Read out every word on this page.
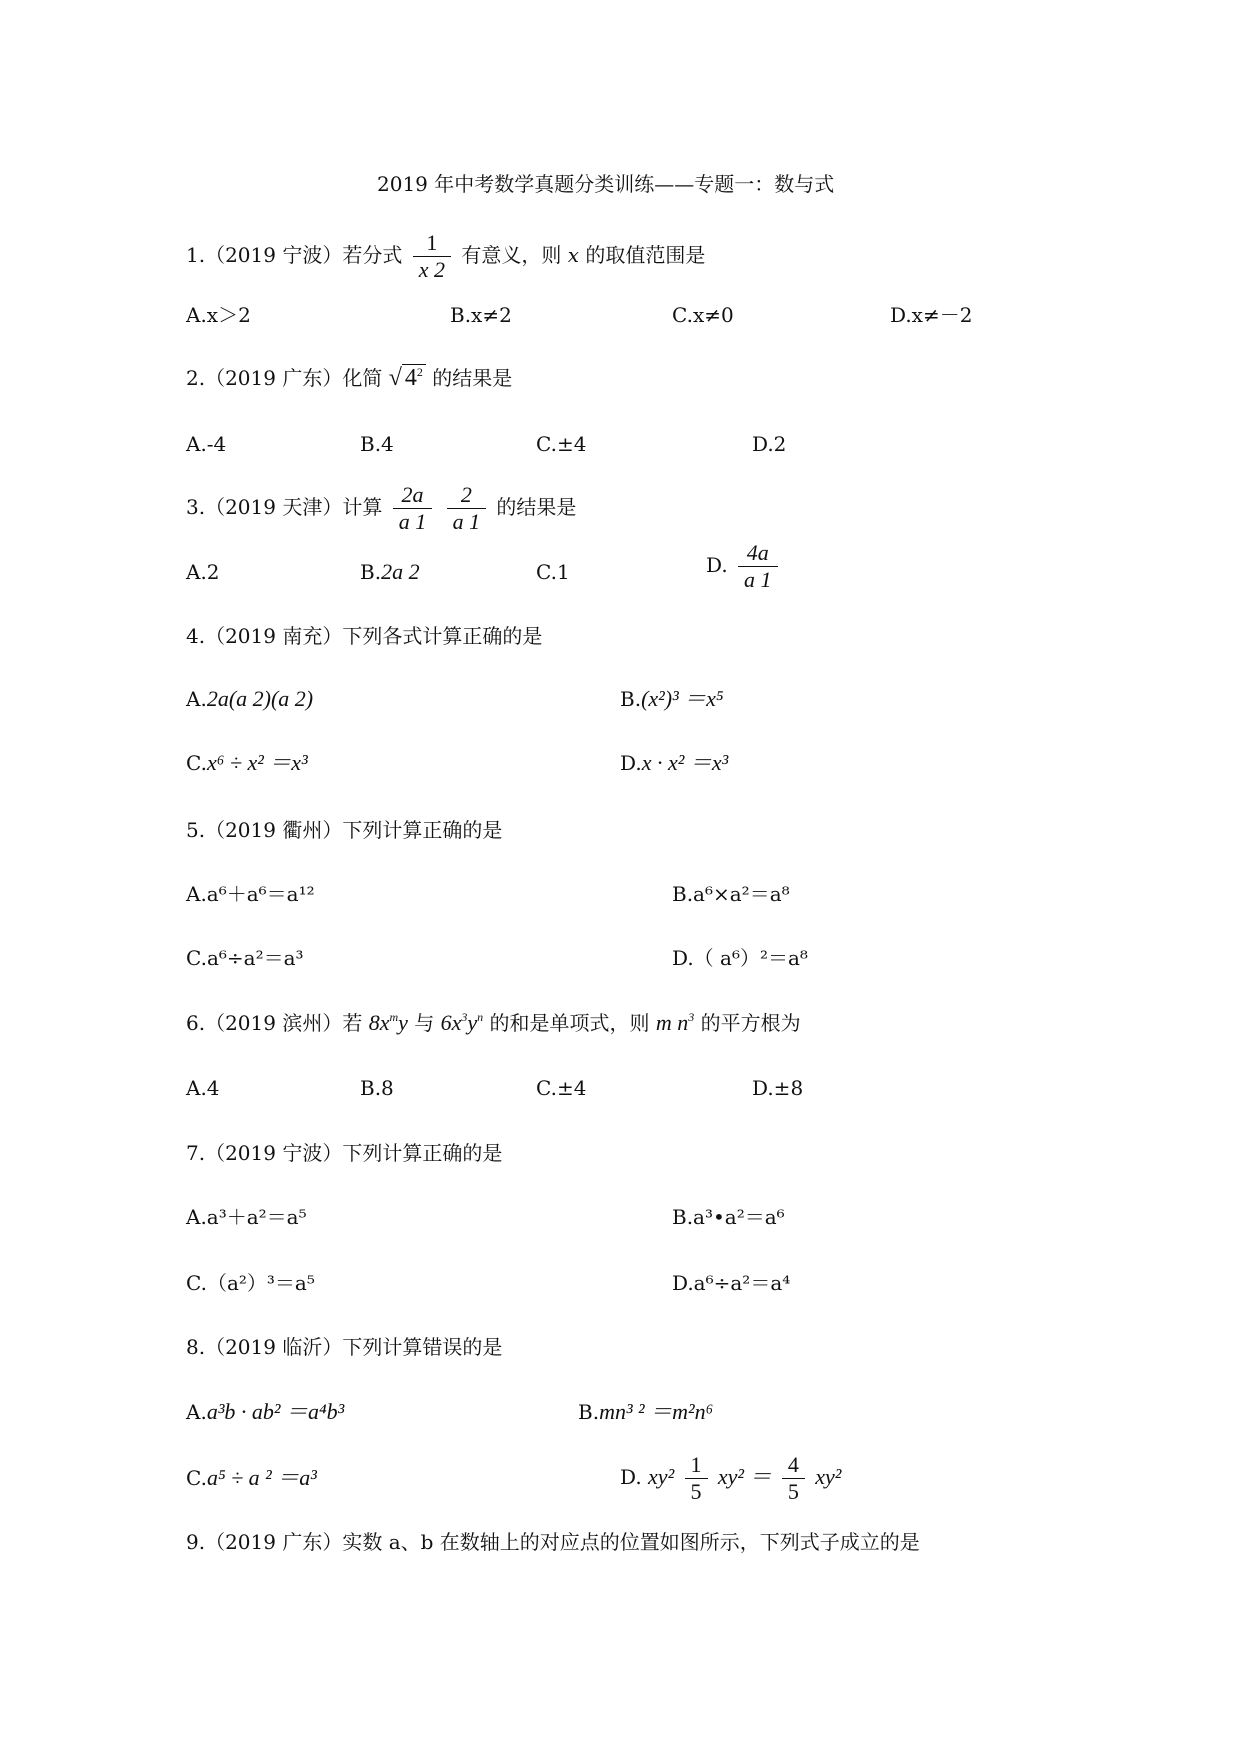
2019 年中考数学真题分类训练——专题一：数与式
1.（2019 宁波）若分式 $\frac{1}{x 2}$ 有意义，则 x 的取值范围是
A.x＞2	B.x≠2	C.x≠0	D.x≠－2
2.（2019 广东）化简 √ $4^2$ 的结果是
A.-4	B.4	C.±4	D.2
3.（2019 天津）计算 $\frac{2a}{a 1}$
$\frac{2}{a 1}$ 的结果是
A.2	B.2a 2	C.1	D. $\frac{4a}{a 1}$
4.（2019 南充）下列各式计算正确的是
A.2a(a 2)(a 2)	B.(x²)³ ＝x⁵
C.x⁶ ÷ x² ＝x³	D.x · x² ＝x³
5.（2019 衢州）下列计算正确的是
A.a⁶＋a⁶＝a¹²	B.a⁶×a²＝a⁸
C.a⁶÷a²＝a³	D.（ a⁶）²＝a⁸
6.（2019 滨州）若 $8x^my$ 与 $6x^3y^n$ 的和是单项式，则 m $n^3$ 的平方根为
A.4	B.8	C.±4	D.±8
7.（2019 宁波）下列计算正确的是
A.a³＋a²＝a⁵	B.a³•a²＝a⁶
C.（a²）³＝a⁵	D.a⁶÷a²＝a⁴
8.（2019 临沂）下列计算错误的是
A.a³b · ab² ＝a⁴b³	B.mn³ ² ＝m²n⁶
C.a⁵ ÷ a ² ＝a³	D. $xy^2 \frac{1}{5} xy^2 = \frac{4}{5} xy^2$
9.（2019 广东）实数 a、b 在数轴上的对应点的位置如图所示，下列式子成立的是
